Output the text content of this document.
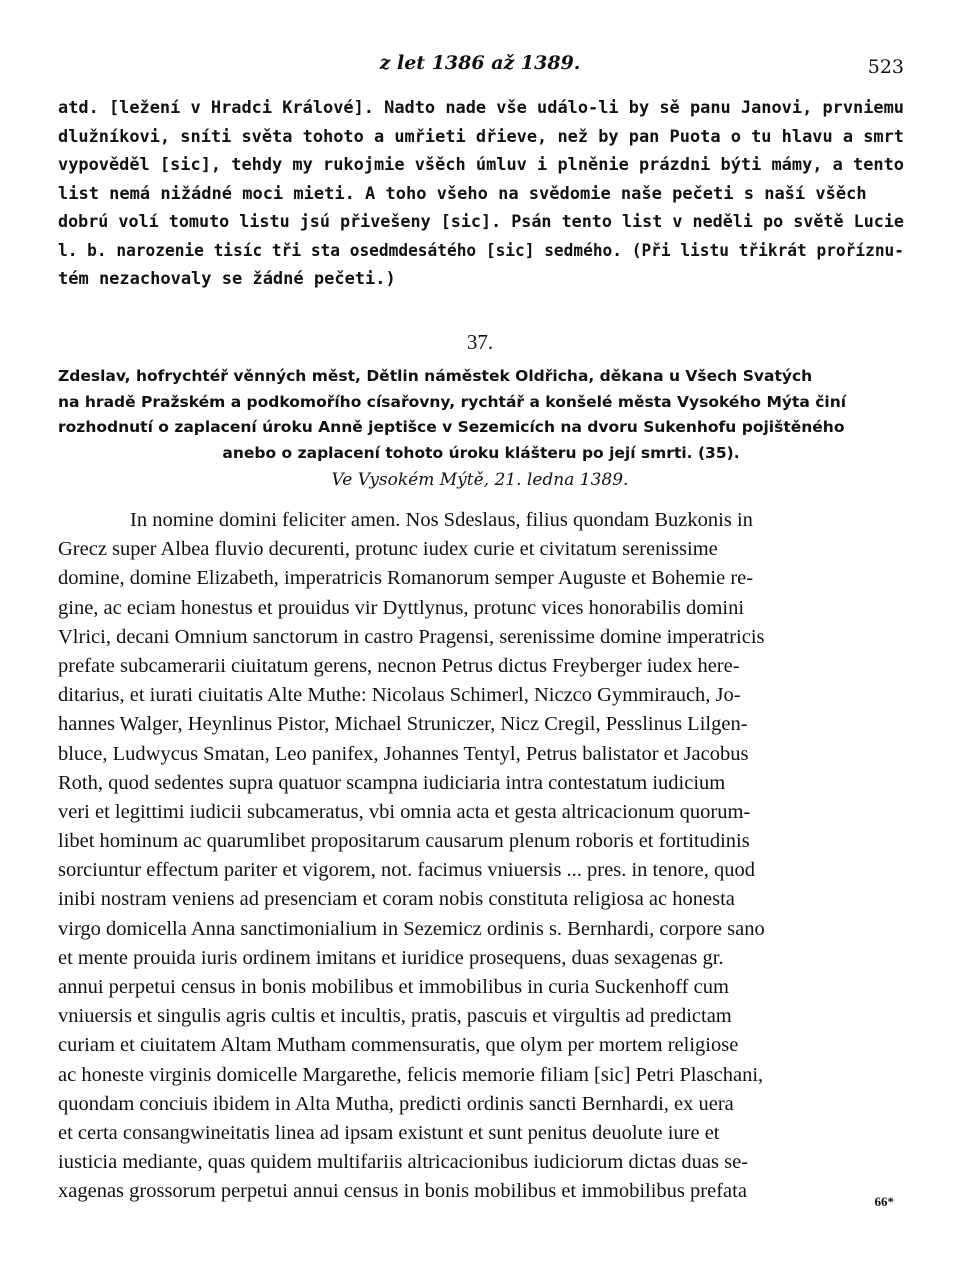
z let 1386 až 1389.	523
atd. [ležení v Hradci Králové]. Nadto nade vše událo-li by sě panu Janovi, prvniemu
dlužníkovi, sníti světa tohoto a umřieti dřieve, než by pan Puota o tu hlavu a smrt
vypověděl [sic], tehdy my rukojmie všěch úmluv i plněnie prázdni býti mámy, a tento
list nemá nižádné moci mieti. A toho všeho na svědomie naše pečeti s naší všěch
dobrú volí tomuto listu jsú přivešeny [sic]. Psán tento list v neděli po světě Lucie
l. b. narozenie tisíc tři sta osedmdesátého [sic] sedmého. (Při listu třikrát proříznu-
tém nezachovaly se žádné pečeti.)
37.
Zdeslav, hofrychtéř věnných měst, Dětlin náměstek Oldřicha, děkana u Všech Svatých
na hradě Pražském a podkomořího císařovny, rychtář a konšelé města Vysokého Mýta činí
rozhodnutí o zaplacení úroku Anně jeptišce v Sezemicích na dvoru Sukenhofu pojištěného
anebo o zaplacení tohoto úroku klášteru po její smrti. (35).
Ve Vysokém Mýtě, 21. ledna 1389.
In nomine domini feliciter amen. Nos Sdeslaus, filius quondam Buzkonis in
Grecz super Albea fluvio decurenti, protunc iudex curie et civitatum serenissime
domine, domine Elizabeth, imperatricis Romanorum semper Auguste et Bohemie re-
gine, ac eciam honestus et prouidus vir Dyttlynus, protunc vices honorabilis domini
Vlrici, decani Omnium sanctorum in castro Pragensi, serenissime domine imperatricis
prefate subcamerarii ciuitatum gerens, necnon Petrus dictus Freyberger iudex here-
ditarius, et iurati ciuitatis Alte Muthe: Nicolaus Schimerl, Niczco Gymmirauch, Jo-
hannes Walger, Heynlinus Pistor, Michael Struniczer, Nicz Cregil, Pesslinus Lilgen-
bluce, Ludwycus Smatan, Leo panifex, Johannes Tentyl, Petrus balistator et Jacobus
Roth, quod sedentes supra quatuor scampna iudiciaria intra contestatum iudicium
veri et legittimi iudicii subcameratus, vbi omnia acta et gesta altricacionum quorum-
libet hominum ac quarumlibet propositarum causarum plenum roboris et fortitudinis
sorciuntur effectum pariter et vigorem, not. facimus vniuersis ... pres. in tenore, quod
inibi nostram veniens ad presenciam et coram nobis constituta religiosa ac honesta
virgo domicella Anna sanctimonialium in Sezemicz ordinis s. Bernhardi, corpore sano
et mente prouida iuris ordinem imitans et iuridice prosequens, duas sexagenas gr.
annui perpetui census in bonis mobilibus et immobilibus in curia Suckenhoff cum
vniuersis et singulis agris cultis et incultis, pratis, pascuis et virgultis ad predictam
curiam et ciuitatem Altam Mutham commensuratis, que olym per mortem religiose
ac honeste virginis domicelle Margarethe, felicis memorie filiam [sic] Petri Plaschani,
quondam conciuis ibidem in Alta Mutha, predicti ordinis sancti Bernhardi, ex uera
et certa consangwineitatis linea ad ipsam existunt et sunt penitus deuolute iure et
iusticia mediante, quas quidem multifariis altricacionibus iudiciorum dictas duas se-
xagenas grossorum perpetui annui census in bonis mobilibus et immobilibus prefata	66*
